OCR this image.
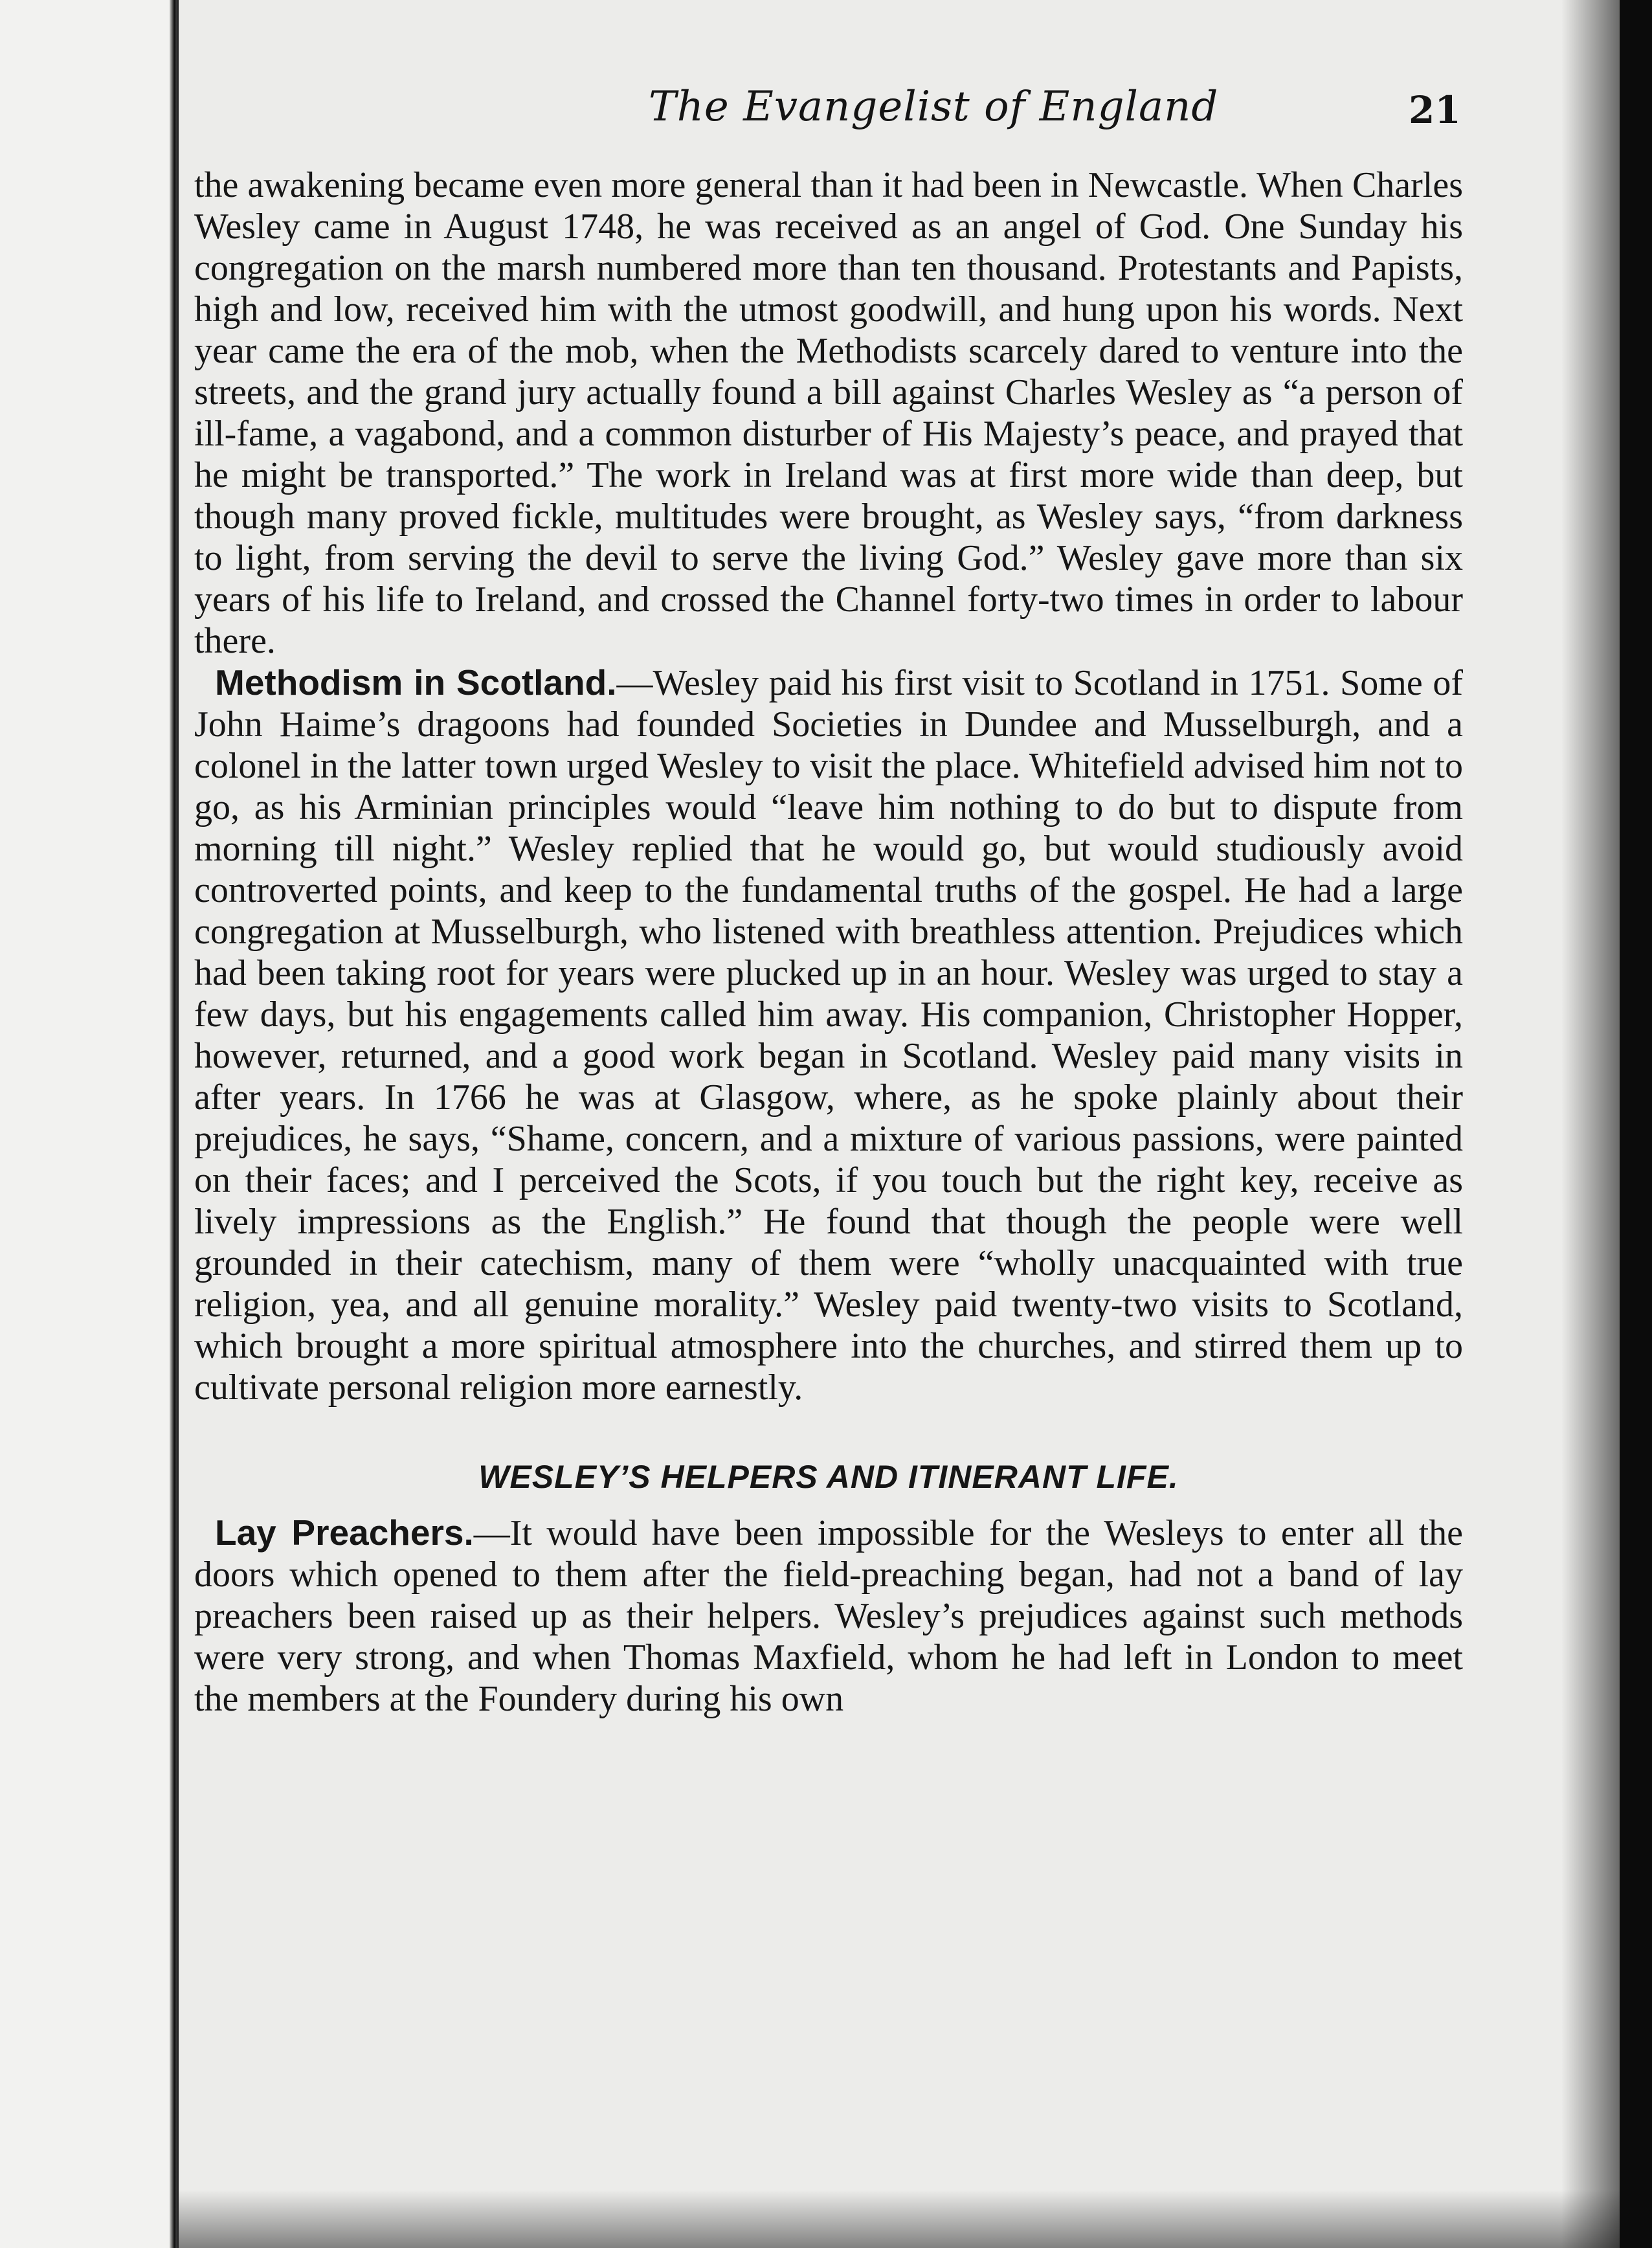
The Evangelist of England	21

the awakening became even more general than it had been in Newcastle. When Charles Wesley came in August 1748, he was received as an angel of God. One Sunday his congregation on the marsh numbered more than ten thousand. Protestants and Papists, high and low, received him with the utmost goodwill, and hung upon his words. Next year came the era of the mob, when the Methodists scarcely dared to venture into the streets, and the grand jury actually found a bill against Charles Wesley as “a person of ill-fame, a vagabond, and a common disturber of His Majesty’s peace, and prayed that he might be transported.” The work in Ireland was at first more wide than deep, but though many proved fickle, multitudes were brought, as Wesley says, “from darkness to light, from serving the devil to serve the living God.” Wesley gave more than six years of his life to Ireland, and crossed the Channel forty-two times in order to labour there.

Methodism in Scotland.—Wesley paid his first visit to Scotland in 1751. Some of John Haime’s dragoons had founded Societies in Dundee and Musselburgh, and a colonel in the latter town urged Wesley to visit the place. Whitefield advised him not to go, as his Arminian principles would “leave him nothing to do but to dispute from morning till night.” Wesley replied that he would go, but would studiously avoid controverted points, and keep to the fundamental truths of the gospel. He had a large congregation at Musselburgh, who listened with breathless attention. Prejudices which had been taking root for years were plucked up in an hour. Wesley was urged to stay a few days, but his engagements called him away. His companion, Christopher Hopper, however, returned, and a good work began in Scotland. Wesley paid many visits in after years. In 1766 he was at Glasgow, where, as he spoke plainly about their prejudices, he says, “Shame, concern, and a mixture of various passions, were painted on their faces; and I perceived the Scots, if you touch but the right key, receive as lively impressions as the English.” He found that though the people were well grounded in their catechism, many of them were “wholly unacquainted with true religion, yea, and all genuine morality.” Wesley paid twenty-two visits to Scotland, which brought a more spiritual atmosphere into the churches, and stirred them up to cultivate personal religion more earnestly.

WESLEY’S HELPERS AND ITINERANT LIFE.

Lay Preachers.—It would have been impossible for the Wesleys to enter all the doors which opened to them after the field-preaching began, had not a band of lay preachers been raised up as their helpers. Wesley’s prejudices against such methods were very strong, and when Thomas Maxfield, whom he had left in London to meet the members at the Foundery during his own
